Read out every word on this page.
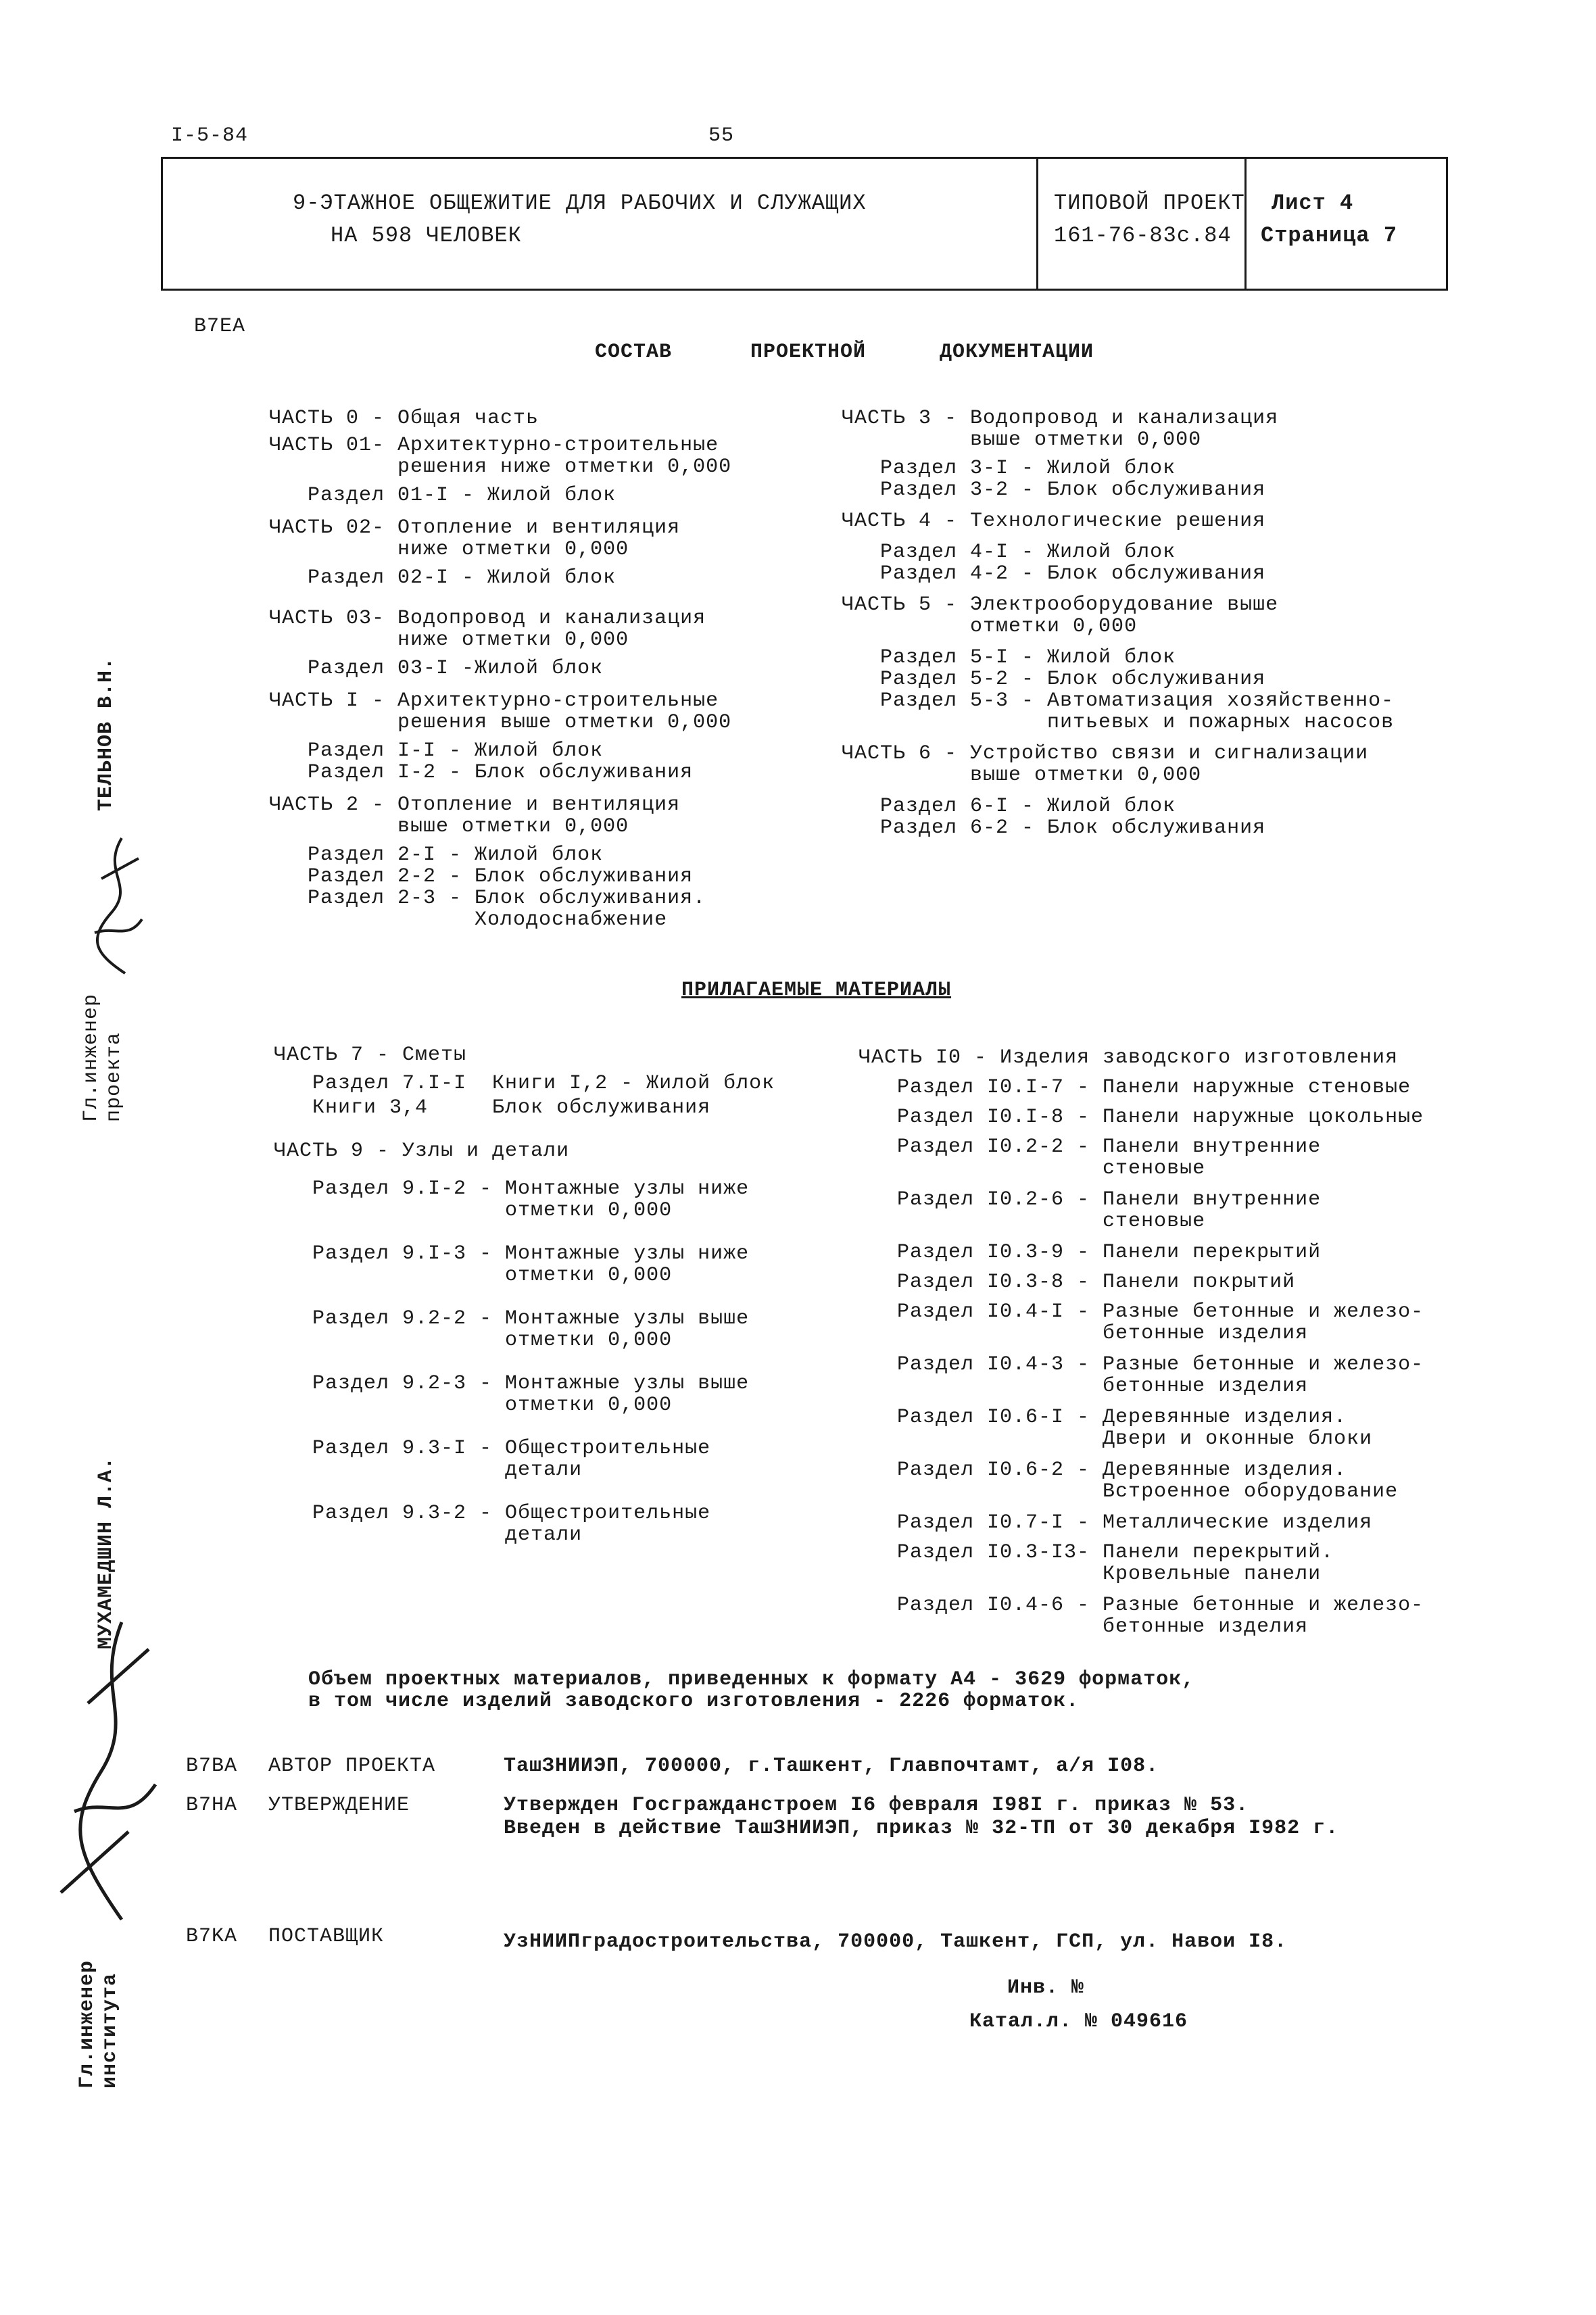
I-5-84	55
9-ЭТАЖНОЕ ОБЩЕЖИТИЕ ДЛЯ РАБОЧИХ И СЛУЖАЩИХ
НА 598 ЧЕЛОВЕК
ТИПОВОЙ ПРОЕКТ
161-76-83с.84
Лист 4
Страница 7
B7EA
ТЕЛЬНОВ В.Н.
Гл.инженер проекта
МУХАМЕДШИН Л.А.
Гл.инженер института
СОСТАВ	ПРОЕКТНОЙ	ДОКУМЕНТАЦИИ

ЧАСТЬ 0 - Общая часть
ЧАСТЬ 01- Архитектурно-строительные
решения ниже отметки 0,000
Раздел 01-I - Жилой блок
ЧАСТЬ 02- Отопление и вентиляция
ниже отметки 0,000
Раздел 02-I - Жилой блок
ЧАСТЬ 03- Водопровод и канализация
ниже отметки 0,000
Раздел 03-I -Жилой блок
ЧАСТЬ I - Архитектурно-строительные
решения выше отметки 0,000
Раздел I-I - Жилой блок
Раздел I-2 - Блок обслуживания
ЧАСТЬ 2 - Отопление и вентиляция
выше отметки 0,000
Раздел 2-I - Жилой блок
Раздел 2-2 - Блок обслуживания
Раздел 2-3 - Блок обслуживания.
Холодоснабжение

ЧАСТЬ 3 - Водопровод и канализация
выше отметки 0,000
Раздел 3-I - Жилой блок
Раздел 3-2 - Блок обслуживания
ЧАСТЬ 4 - Технологические решения
Раздел 4-I - Жилой блок
Раздел 4-2 - Блок обслуживания
ЧАСТЬ 5 - Электрооборудование выше
отметки 0,000
Раздел 5-I - Жилой блок
Раздел 5-2 - Блок обслуживания
Раздел 5-3 - Автоматизация хозяйственно-
питьевых и пожарных насосов
ЧАСТЬ 6 - Устройство связи и сигнализации
выше отметки 0,000
Раздел 6-I - Жилой блок
Раздел 6-2 - Блок обслуживания

ПРИЛАГАЕМЫЕ МАТЕРИАЛЫ

ЧАСТЬ 7 - Сметы
Раздел 7.I-I  Книги I,2 - Жилой блок
Книги 3,4     Блок обслуживания
ЧАСТЬ 9 - Узлы и детали
Раздел 9.I-2 - Монтажные узлы ниже
отметки 0,000
Раздел 9.I-3 - Монтажные узлы ниже
отметки 0,000
Раздел 9.2-2 - Монтажные узлы выше
отметки 0,000
Раздел 9.2-3 - Монтажные узлы выше
отметки 0,000
Раздел 9.3-I - Общестроительные
детали
Раздел 9.3-2 - Общестроительные
детали

ЧАСТЬ I0 - Изделия заводского изготовления
Раздел I0.I-7 - Панели наружные стеновые
Раздел I0.I-8 - Панели наружные цокольные
Раздел I0.2-2 - Панели внутренние
стеновые
Раздел I0.2-6 - Панели внутренние
стеновые
Раздел I0.3-9 - Панели перекрытий
Раздел I0.3-8 - Панели покрытий
Раздел I0.4-I - Разные бетонные и железо-
бетонные изделия
Раздел I0.4-3 - Разные бетонные и железо-
бетонные изделия
Раздел I0.6-I - Деревянные изделия.
Двери и оконные блоки
Раздел I0.6-2 - Деревянные изделия.
Встроенное оборудование
Раздел I0.7-I - Металлические изделия
Раздел I0.3-I3- Панели перекрытий.
Кровельные панели
Раздел I0.4-6 - Разные бетонные и железо-
бетонные изделия

Объем проектных материалов, приведенных к формату А4 - 3629 форматок,
в том числе изделий заводского изготовления - 2226 форматок.
B7BA АВТОР ПРОЕКТА	ТашЗНИИЭП, 700000, г.Ташкент, Главпочтамт, а/я I08.
B7HA УТВЕРЖДЕНИЕ	Утвержден Госгражданстроем I6 февраля I98I г. приказ № 53.
Введен в действие ТашЗНИИЭП, приказ № 32-ТП от 30 декабря I982 г.
B7KA ПОСТАВЩИК	УзНИИПградостроительства, 700000, Ташкент, ГСП, ул. Навои I8.
Инв. №
Катал.л. № 049616
